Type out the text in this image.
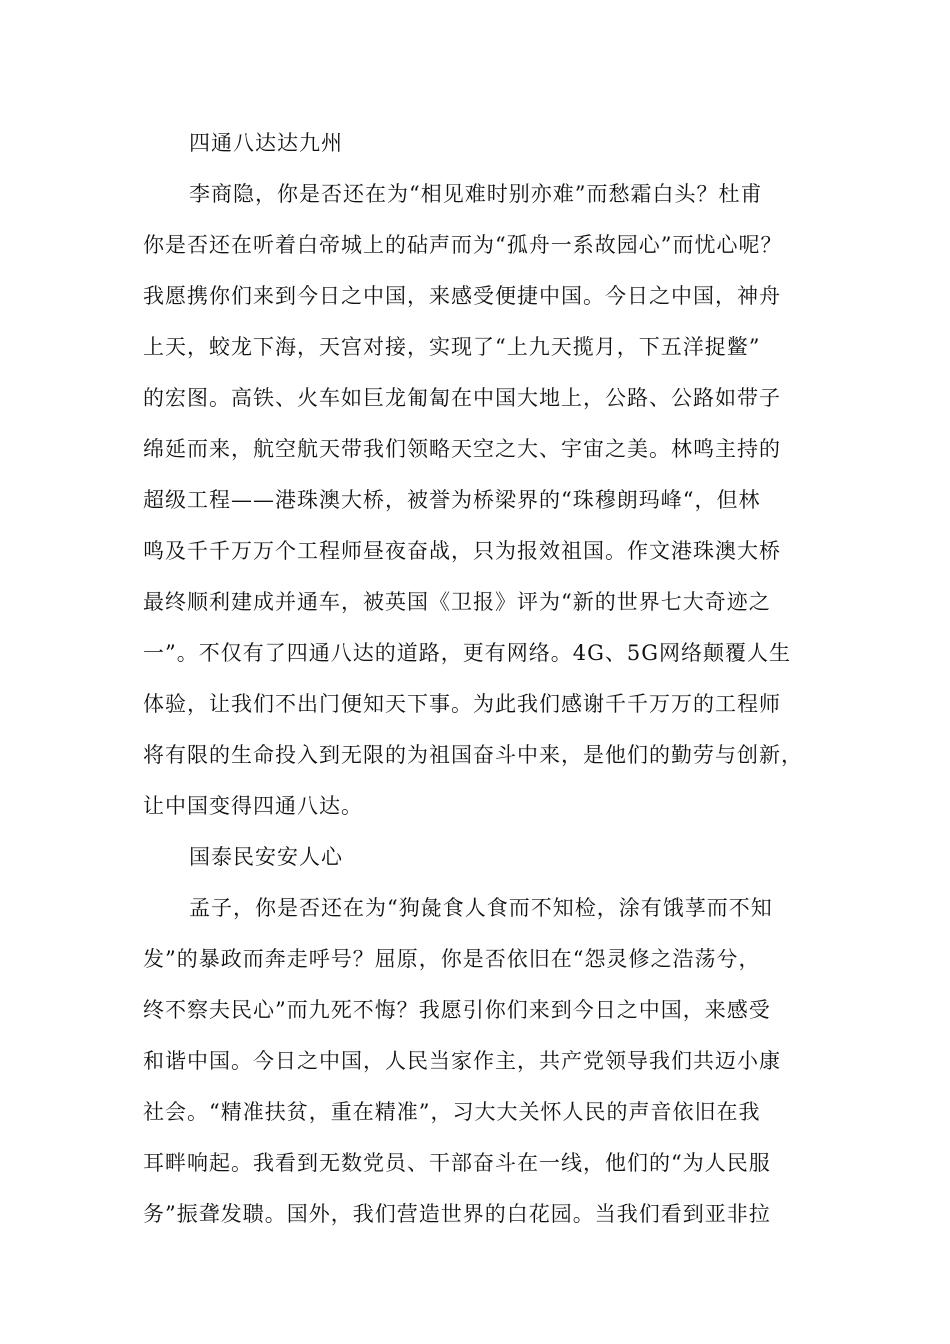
四通八达达九州
李商隐，你是否还在为“相见难时别亦难”而愁霜白头？杜甫
你是否还在听着白帝城上的砧声而为“孤舟一系故园心”而忧心呢？
我愿携你们来到今日之中国，来感受便捷中国。今日之中国，神舟
上天，蛟龙下海，天宫对接，实现了“上九天揽月，下五洋捉鳖”
的宏图。高铁、火车如巨龙匍匐在中国大地上，公路、公路如带子
绵延而来，航空航天带我们领略天空之大、宇宙之美。林鸣主持的
超级工程——港珠澳大桥，被誉为桥梁界的“珠穆朗玛峰“，但林
鸣及千千万万个工程师昼夜奋战，只为报效祖国。作文港珠澳大桥
最终顺利建成并通车，被英国《卫报》评为“新的世界七大奇迹之
一”。不仅有了四通八达的道路，更有网络。4G、5G网络颠覆人生
体验，让我们不出门便知天下事。为此我们感谢千千万万的工程师
将有限的生命投入到无限的为祖国奋斗中来，是他们的勤劳与创新，
让中国变得四通八达。
国泰民安安人心
孟子，你是否还在为“狗彘食人食而不知检，涂有饿莩而不知
发”的暴政而奔走呼号？屈原，你是否依旧在“怨灵修之浩荡兮，
终不察夫民心”而九死不悔？我愿引你们来到今日之中国，来感受
和谐中国。今日之中国，人民当家作主，共产党领导我们共迈小康
社会。“精准扶贫，重在精准”，习大大关怀人民的声音依旧在我
耳畔响起。我看到无数党员、干部奋斗在一线，他们的“为人民服
务”振聋发聩。国外，我们营造世界的白花园。当我们看到亚非拉
